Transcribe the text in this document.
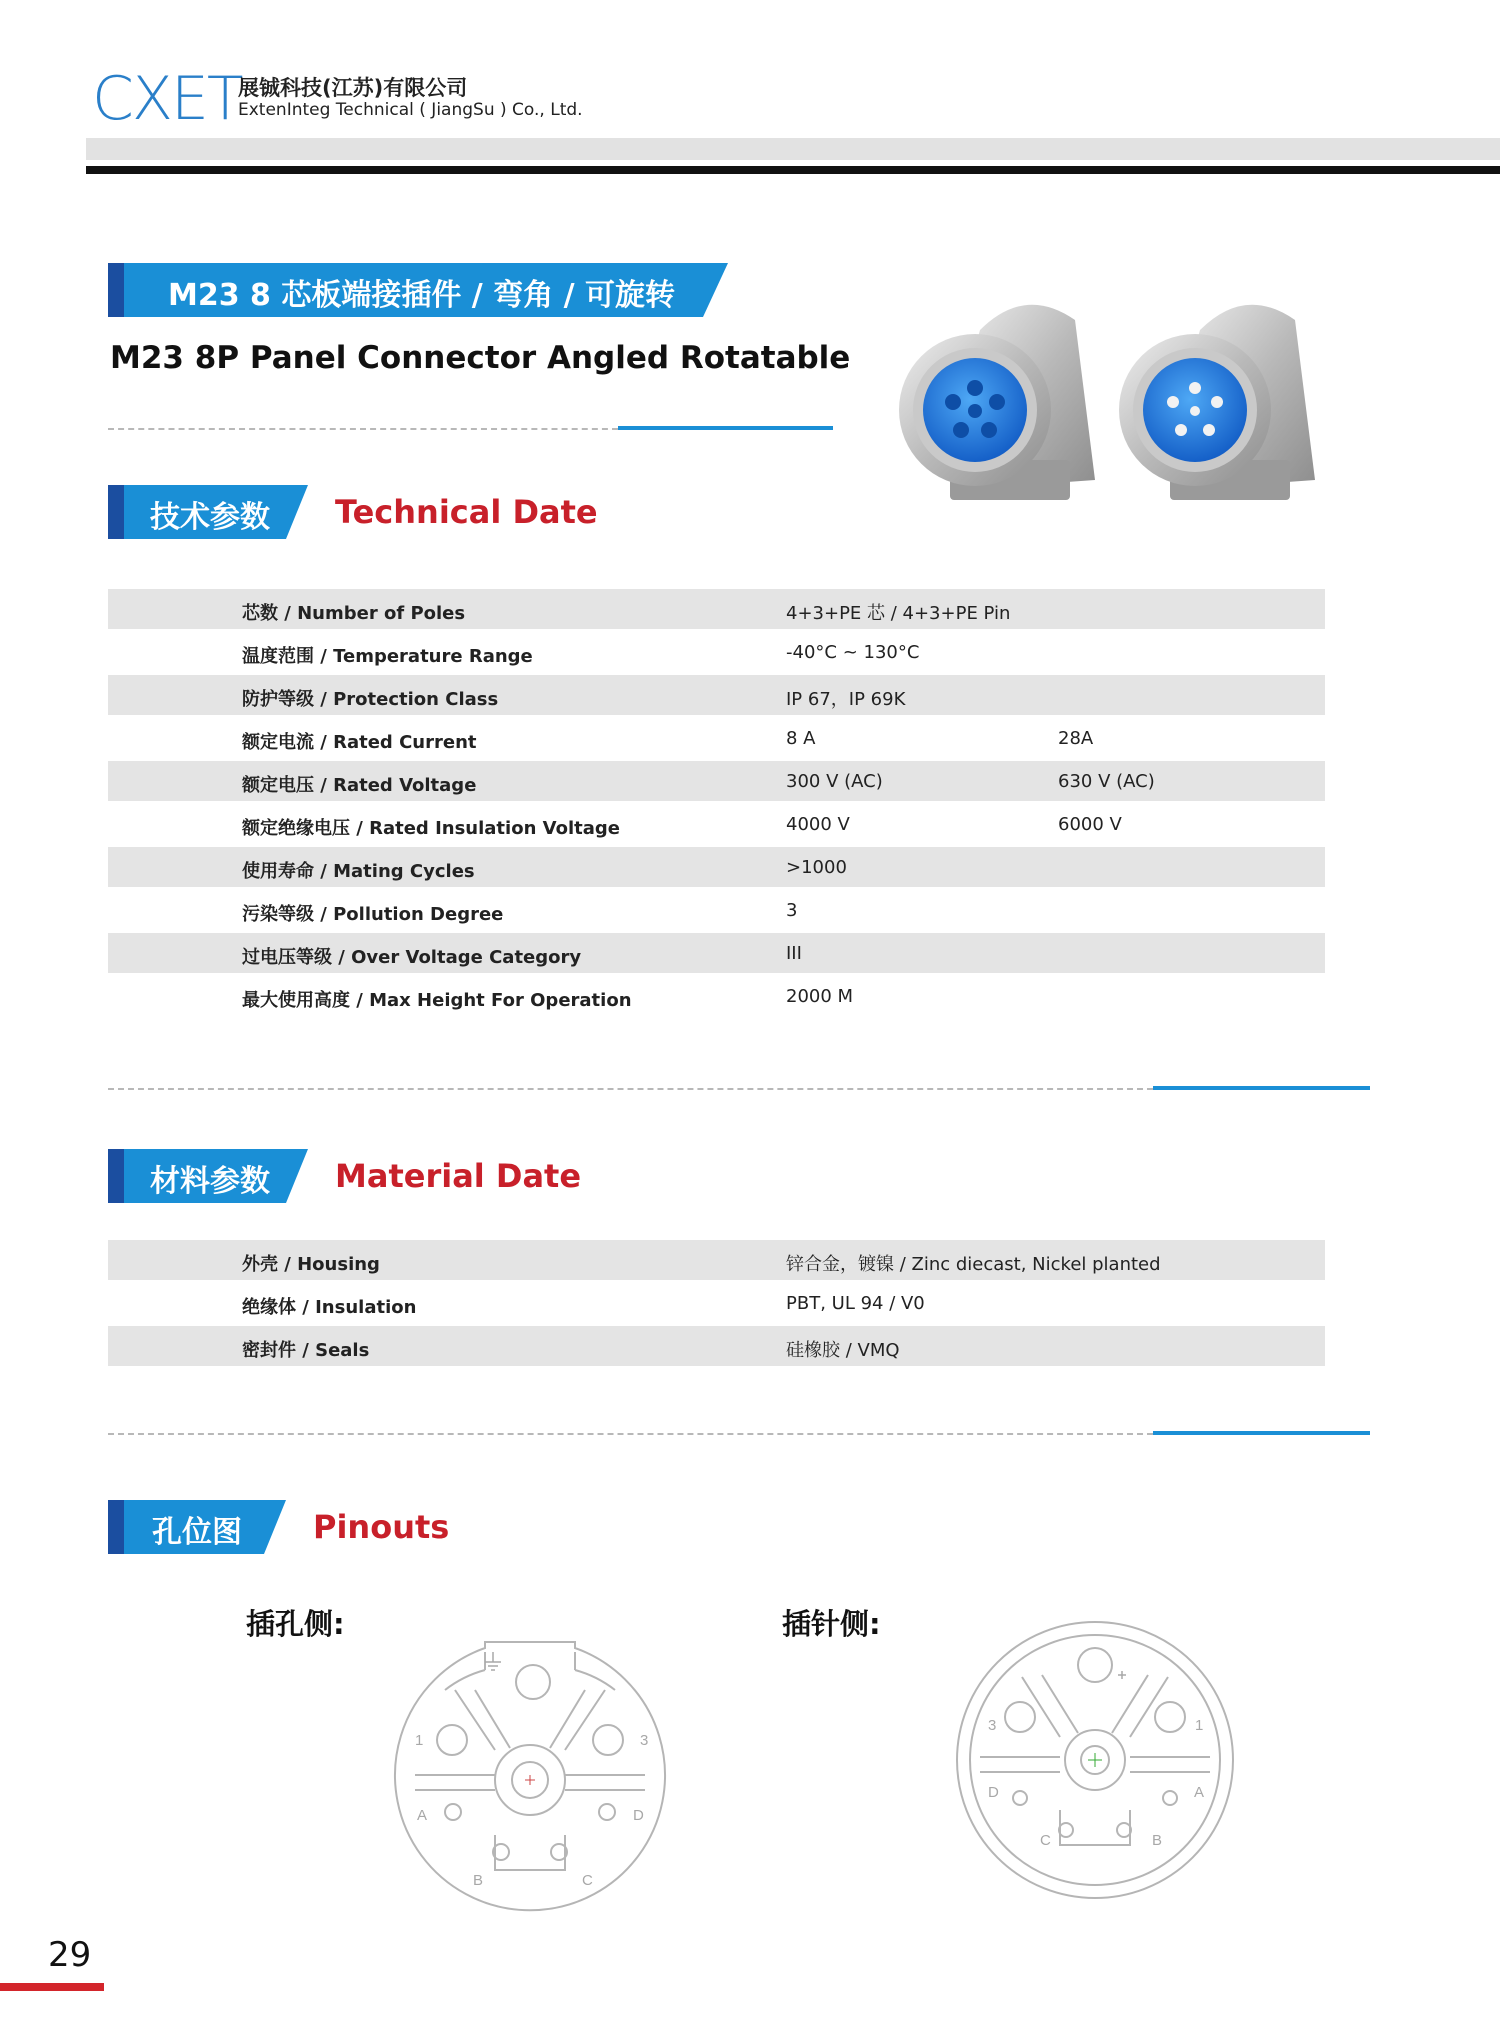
CXET
展铖科技(江苏)有限公司
ExtenInteg Technical ( JiangSu ) Co., Ltd.
M23 8 芯板端接插件 / 弯角 / 可旋转
M23 8P Panel Connector Angled Rotatable
技术参数 Technical Date
芯数 / Number of Poles	4+3+PE 芯 / 4+3+PE Pin
温度范围 / Temperature Range	-40°C ~ 130°C
防护等级 / Protection Class	IP 67，IP 69K
额定电流 / Rated Current	8 A	28A
额定电压 / Rated Voltage	300 V (AC)	630 V (AC)
额定绝缘电压 / Rated Insulation Voltage	4000 V	6000 V
使用寿命 / Mating Cycles	>1000
污染等级 / Pollution Degree	3
过电压等级 / Over Voltage Category	III
最大使用高度 / Max Height For Operation	2000 M
材料参数 Material Date
外壳 / Housing	锌合金，镀镍 / Zinc diecast, Nickel planted
绝缘体 / Insulation	PBT, UL 94 / V0
密封件 / Seals	硅橡胶 / VMQ
孔位图 Pinouts
插孔侧:	插针侧:
1	3
A	D
B	C
3	1
D	A
C	B
29
